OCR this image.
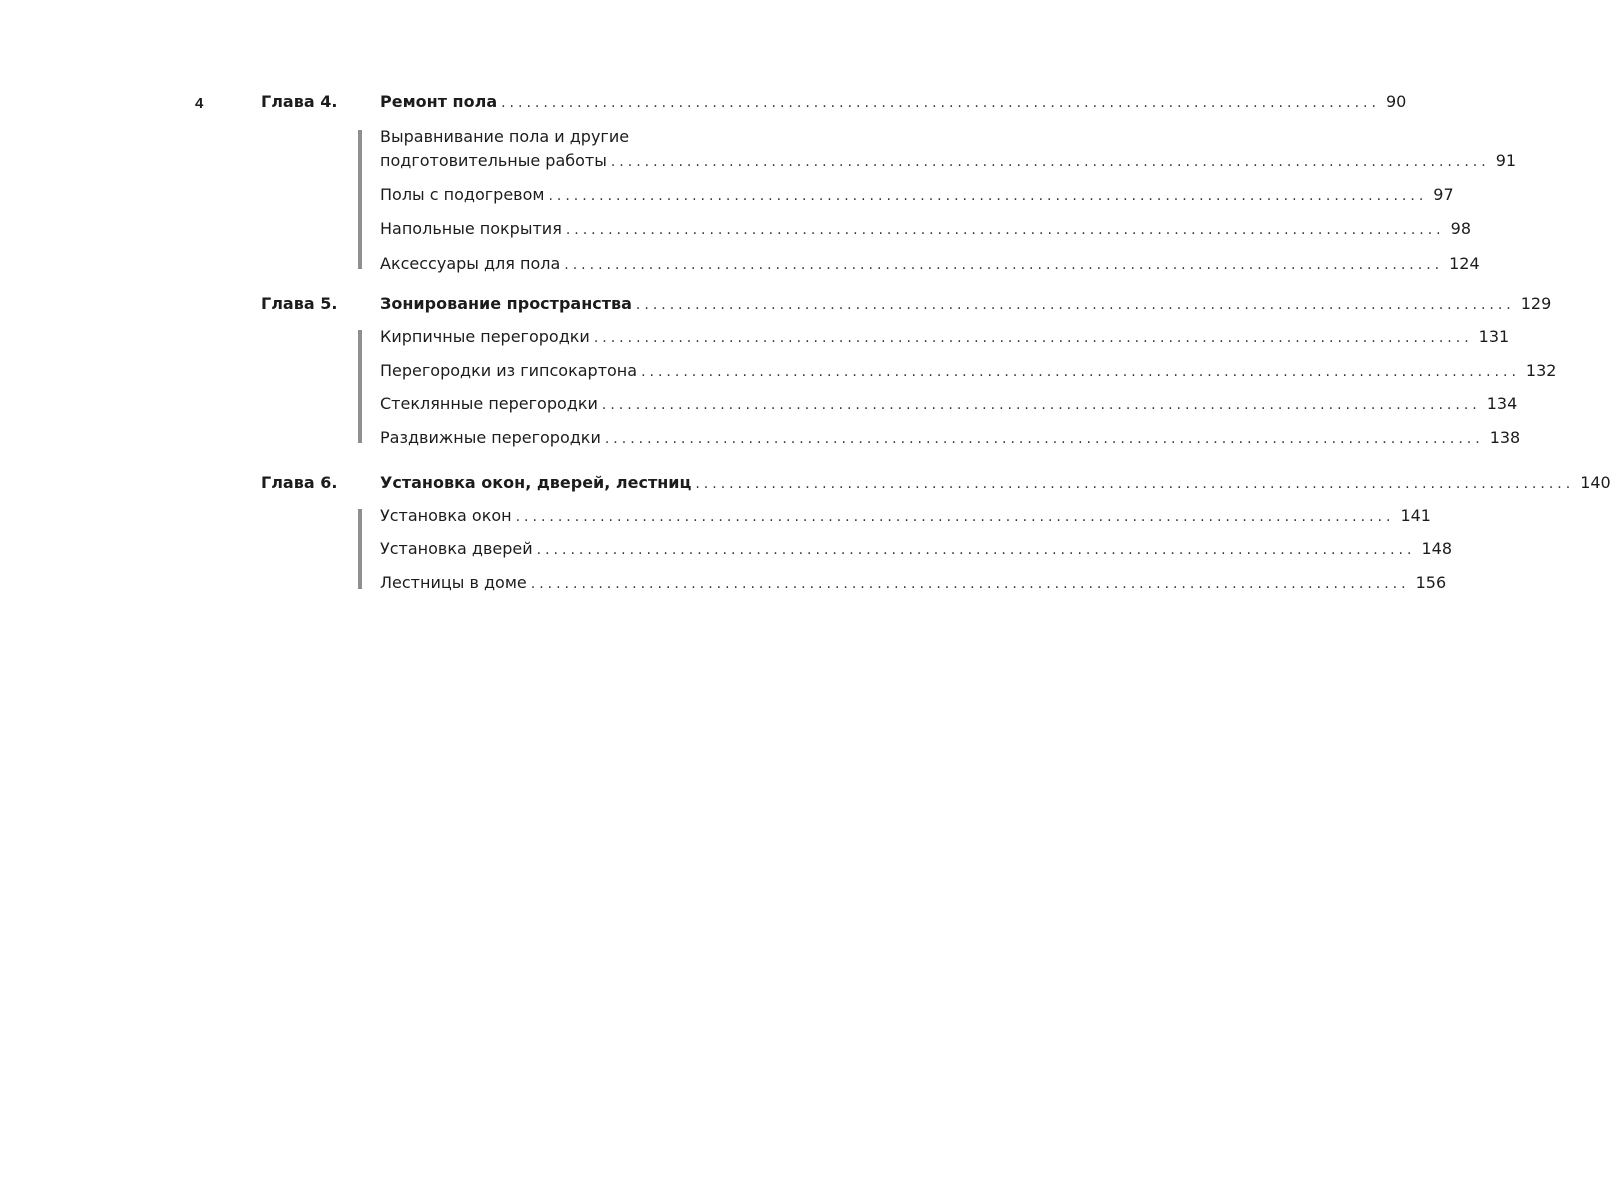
4	Глава 4.	Ремонт пола ........................................................................................................ 90
Выравнивание пола и другие
подготовительные работы ........................................................................................................ 91
Полы с подогревом ........................................................................................................ 97
Напольные покрытия ........................................................................................................ 98
Аксессуары для пола ........................................................................................................ 124
Глава 5.	Зонирование пространства ........................................................................................................ 129
Кирпичные перегородки ........................................................................................................ 131
Перегородки из гипсокартона ........................................................................................................ 132
Стеклянные перегородки ........................................................................................................ 134
Раздвижные перегородки ........................................................................................................ 138
Глава 6.	Установка окон, дверей, лестниц ........................................................................................................ 140
Установка окон ........................................................................................................ 141
Установка дверей ........................................................................................................ 148
Лестницы в доме ........................................................................................................ 156
